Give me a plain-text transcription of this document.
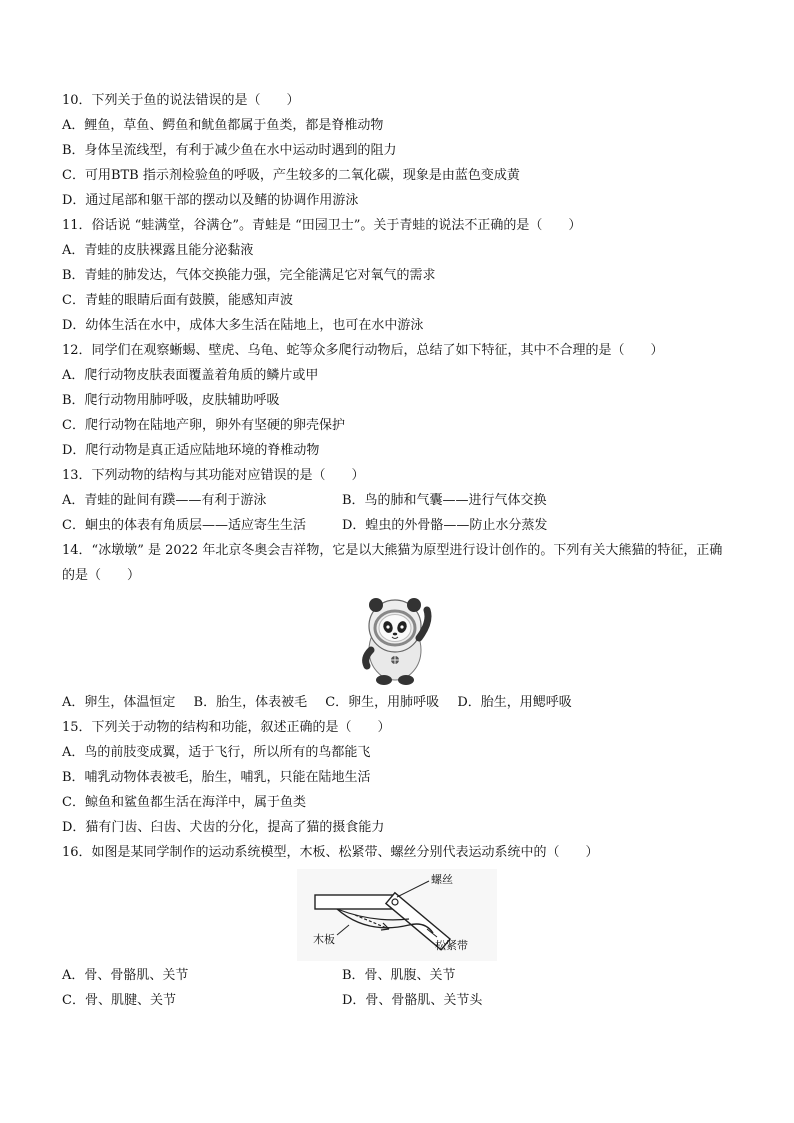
10．下列关于鱼的说法错误的是（　　）
A．鲤鱼，草鱼、鳄鱼和鱿鱼都属于鱼类，都是脊椎动物
B．身体呈流线型，有利于减少鱼在水中运动时遇到的阻力
C．可用BTB 指示剂检验鱼的呼吸，产生较多的二氧化碳，现象是由蓝色变成黄
D．通过尾部和躯干部的摆动以及鳍的协调作用游泳
11．俗话说 “蛙满堂，谷满仓”。青蛙是 “田园卫士”。关于青蛙的说法不正确的是（　　）
A．青蛙的皮肤裸露且能分泌黏液
B．青蛙的肺发达，气体交换能力强，完全能满足它对氧气的需求
C．青蛙的眼睛后面有鼓膜，能感知声波
D．幼体生活在水中，成体大多生活在陆地上，也可在水中游泳
12．同学们在观察蜥蜴、壁虎、乌龟、蛇等众多爬行动物后，总结了如下特征，其中不合理的是（　　）
A．爬行动物皮肤表面覆盖着角质的鳞片或甲
B．爬行动物用肺呼吸，皮肤辅助呼吸
C．爬行动物在陆地产卵，卵外有坚硬的卵壳保护
D．爬行动物是真正适应陆地环境的脊椎动物
13．下列动物的结构与其功能对应错误的是（　　）
A．青蛙的趾间有蹼——有利于游泳	B．鸟的肺和气囊——进行气体交换
C．蛔虫的体表有角质层——适应寄生生活	D．蝗虫的外骨骼——防止水分蒸发
14．“冰墩墩” 是 2022 年北京冬奥会吉祥物，它是以大熊猫为原型进行设计创作的。下列有关大熊猫的特征，正确的是（　　）
A．卵生，体温恒定 B．胎生，体表被毛 C．卵生，用肺呼吸 D．胎生，用鳃呼吸
15．下列关于动物的结构和功能，叙述正确的是（　　）
A．鸟的前肢变成翼，适于飞行，所以所有的鸟都能飞
B．哺乳动物体表被毛，胎生，哺乳，只能在陆地生活
C．鲸鱼和鲨鱼都生活在海洋中，属于鱼类
D．猫有门齿、臼齿、犬齿的分化，提高了猫的摄食能力
16．如图是某同学制作的运动系统模型，木板、松紧带、螺丝分别代表运动系统中的（　　）
螺丝
木板	松紧带
A．骨、骨骼肌、关节	B．骨、肌腹、关节
C．骨、肌腱、关节	D．骨、骨骼肌、关节头
